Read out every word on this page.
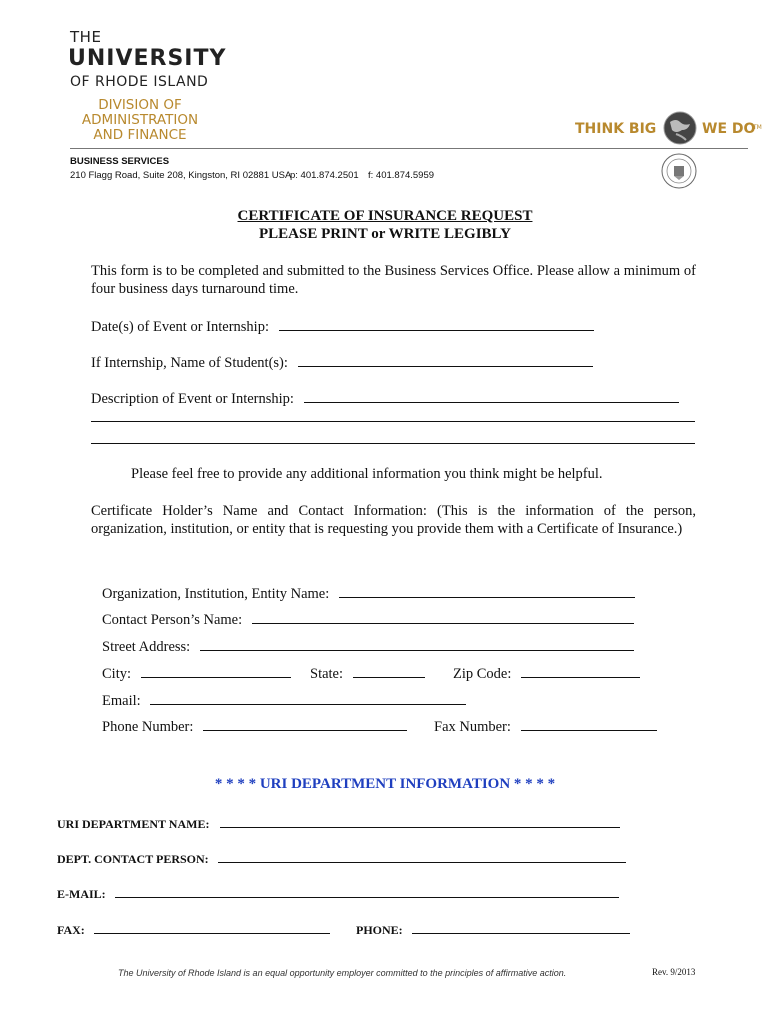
THE
UNIVERSITY
OF RHODE ISLAND
DIVISION OF
ADMINISTRATION
AND FINANCE	THINK BIG	WE DO
TM
BUSINESS SERVICES
210 Flagg Road, Suite 208, Kingston, RI 02881 USA
p: 401.874.2501 f: 401.874.5959
CERTIFICATE OF INSURANCE REQUEST
PLEASE PRINT or WRITE LEGIBLY
This form is to be completed and submitted to the Business Services Office. Please allow a minimum of four business days turnaround time.
Date(s) of Event or Internship:
If Internship, Name of Student(s):
Description of Event or Internship:
Please feel free to provide any additional information you think might be helpful.
Certificate Holder’s Name and Contact Information: (This is the information of the person, organization, institution, or entity that is requesting you provide them with a Certificate of Insurance.)
Organization, Institution, Entity Name:
Contact Person’s Name:
Street Address:
City:	State:	Zip Code:
Email:
Phone Number:	Fax Number:
* * * * URI DEPARTMENT INFORMATION * * * *
URI DEPARTMENT NAME:
DEPT. CONTACT PERSON:
E-MAIL:
FAX:	PHONE:
The University of Rhode Island is an equal opportunity employer committed to the principles of affirmative action.	Rev. 9/2013
